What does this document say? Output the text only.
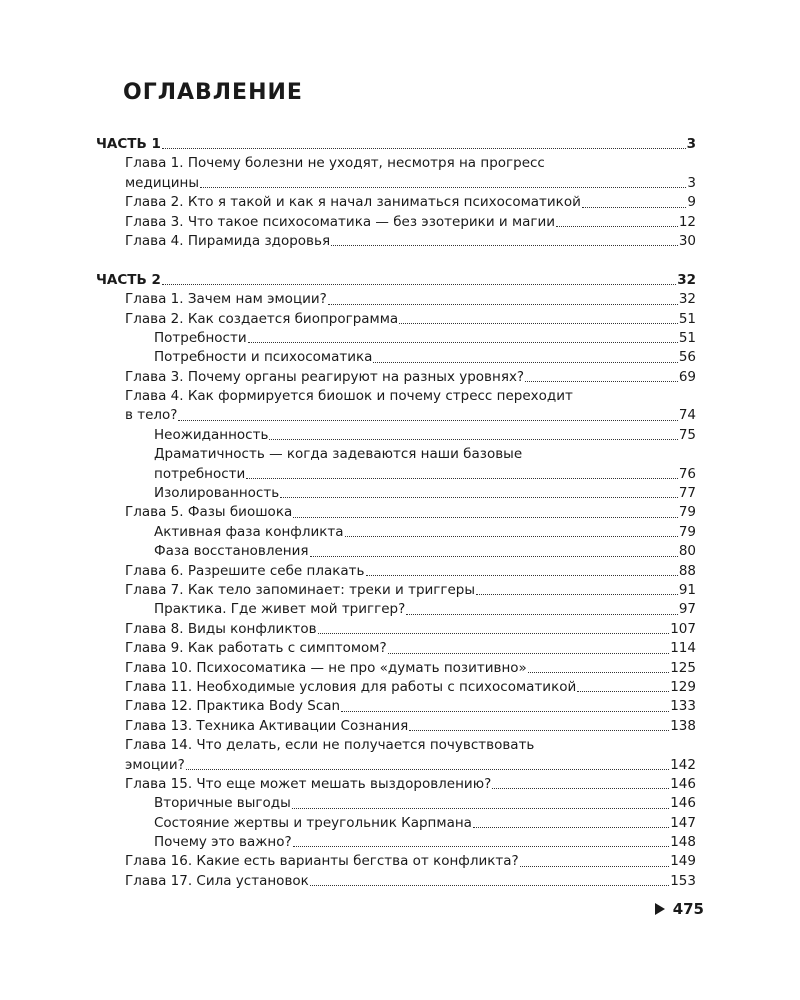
ОГЛАВЛЕНИЕ
ЧАСТЬ 1	3
Глава 1. Почему болезни не уходят, несмотря на прогресс
медицины	3
Глава 2. Кто я такой и как я начал заниматься психосоматикой	9
Глава 3. Что такое психосоматика — без эзотерики и магии	12
Глава 4. Пирамида здоровья	30
ЧАСТЬ 2	32
Глава 1. Зачем нам эмоции?	32
Глава 2. Как создается биопрограмма	51
Потребности	51
Потребности и психосоматика	56
Глава 3. Почему органы реагируют на разных уровнях?	69
Глава 4. Как формируется биошок и почему стресс переходит
в тело?	74
Неожиданность	75
Драматичность — когда задеваются наши базовые
потребности	76
Изолированность	77
Глава 5. Фазы биошока	79
Активная фаза конфликта	79
Фаза восстановления	80
Глава 6. Разрешите себе плакать	88
Глава 7. Как тело запоминает: треки и триггеры	91
Практика. Где живет мой триггер?	97
Глава 8. Виды конфликтов	107
Глава 9. Как работать с симптомом?	114
Глава 10. Психосоматика — не про «думать позитивно»	125
Глава 11. Необходимые условия для работы с психосоматикой	129
Глава 12. Практика Body Scan	133
Глава 13. Техника Активации Сознания	138
Глава 14. Что делать, если не получается почувствовать
эмоции?	142
Глава 15. Что еще может мешать выздоровлению?	146
Вторичные выгоды	146
Состояние жертвы и треугольник Карпмана	147
Почему это важно?	148
Глава 16. Какие есть варианты бегства от конфликта?	149
Глава 17. Сила установок	153
475
